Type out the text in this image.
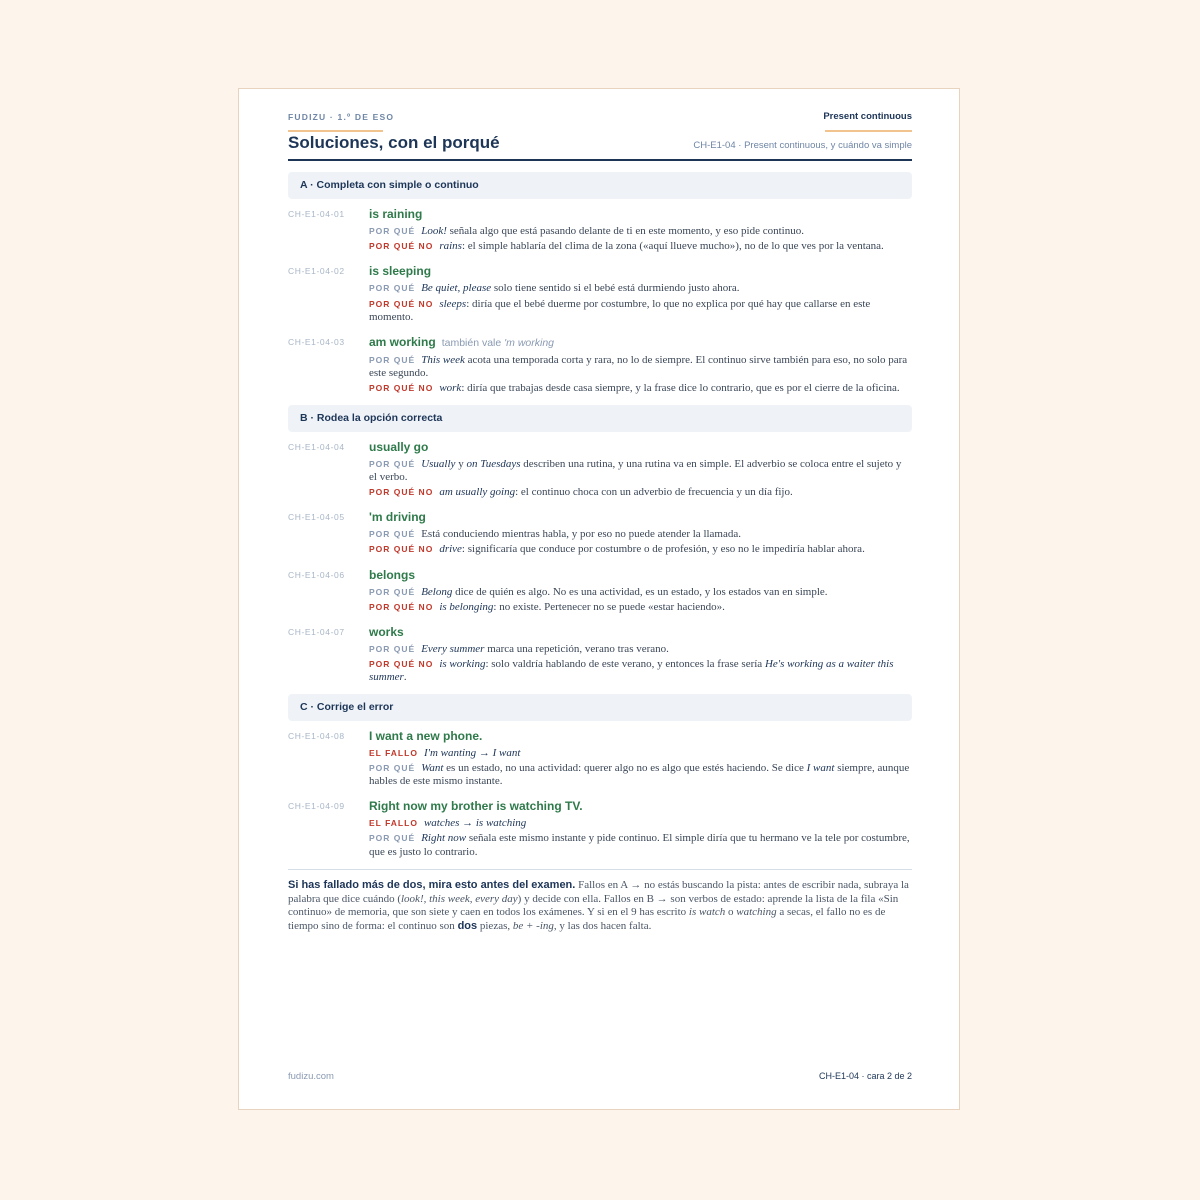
FUDIZU · 1.º DE ESO	Present continuous
Soluciones, con el porqué	CH-E1-04 · Present continuous, y cuándo va simple
A · Completa con simple o continuo
CH-E1-04-01 is raining
POR QUÉ Look! señala algo que está pasando delante de ti en este momento, y eso pide continuo.
POR QUÉ NO rains: el simple hablaría del clima de la zona («aquí llueve mucho»), no de lo que ves por la ventana.
CH-E1-04-02 is sleeping
POR QUÉ Be quiet, please solo tiene sentido si el bebé está durmiendo justo ahora.
POR QUÉ NO sleeps: diría que el bebé duerme por costumbre, lo que no explica por qué hay que callarse en este momento.
CH-E1-04-03 am working también vale 'm working
POR QUÉ This week acota una temporada corta y rara, no lo de siempre. El continuo sirve también para eso, no solo para este segundo.
POR QUÉ NO work: diría que trabajas desde casa siempre, y la frase dice lo contrario, que es por el cierre de la oficina.
B · Rodea la opción correcta
CH-E1-04-04 usually go
POR QUÉ Usually y on Tuesdays describen una rutina, y una rutina va en simple. El adverbio se coloca entre el sujeto y el verbo.
POR QUÉ NO am usually going: el continuo choca con un adverbio de frecuencia y un día fijo.
CH-E1-04-05 'm driving
POR QUÉ Está conduciendo mientras habla, y por eso no puede atender la llamada.
POR QUÉ NO drive: significaría que conduce por costumbre o de profesión, y eso no le impediría hablar ahora.
CH-E1-04-06 belongs
POR QUÉ Belong dice de quién es algo. No es una actividad, es un estado, y los estados van en simple.
POR QUÉ NO is belonging: no existe. Pertenecer no se puede «estar haciendo».
CH-E1-04-07 works
POR QUÉ Every summer marca una repetición, verano tras verano.
POR QUÉ NO is working: solo valdría hablando de este verano, y entonces la frase sería He's working as a waiter this summer.
C · Corrige el error
CH-E1-04-08 I want a new phone.
EL FALLO I'm wanting → I want
POR QUÉ Want es un estado, no una actividad: querer algo no es algo que estés haciendo. Se dice I want siempre, aunque hables de este mismo instante.
CH-E1-04-09 Right now my brother is watching TV.
EL FALLO watches → is watching
POR QUÉ Right now señala este mismo instante y pide continuo. El simple diría que tu hermano ve la tele por costumbre, que es justo lo contrario.
Si has fallado más de dos, mira esto antes del examen. Fallos en A → no estás buscando la pista: antes de escribir nada, subraya la palabra que dice cuándo (look!, this week, every day) y decide con ella. Fallos en B → son verbos de estado: aprende la lista de la fila «Sin continuo» de memoria, que son siete y caen en todos los exámenes. Y si en el 9 has escrito is watch o watching a secas, el fallo no es de tiempo sino de forma: el continuo son dos piezas, be + -ing, y las dos hacen falta.
fudizu.com	CH-E1-04 · cara 2 de 2
